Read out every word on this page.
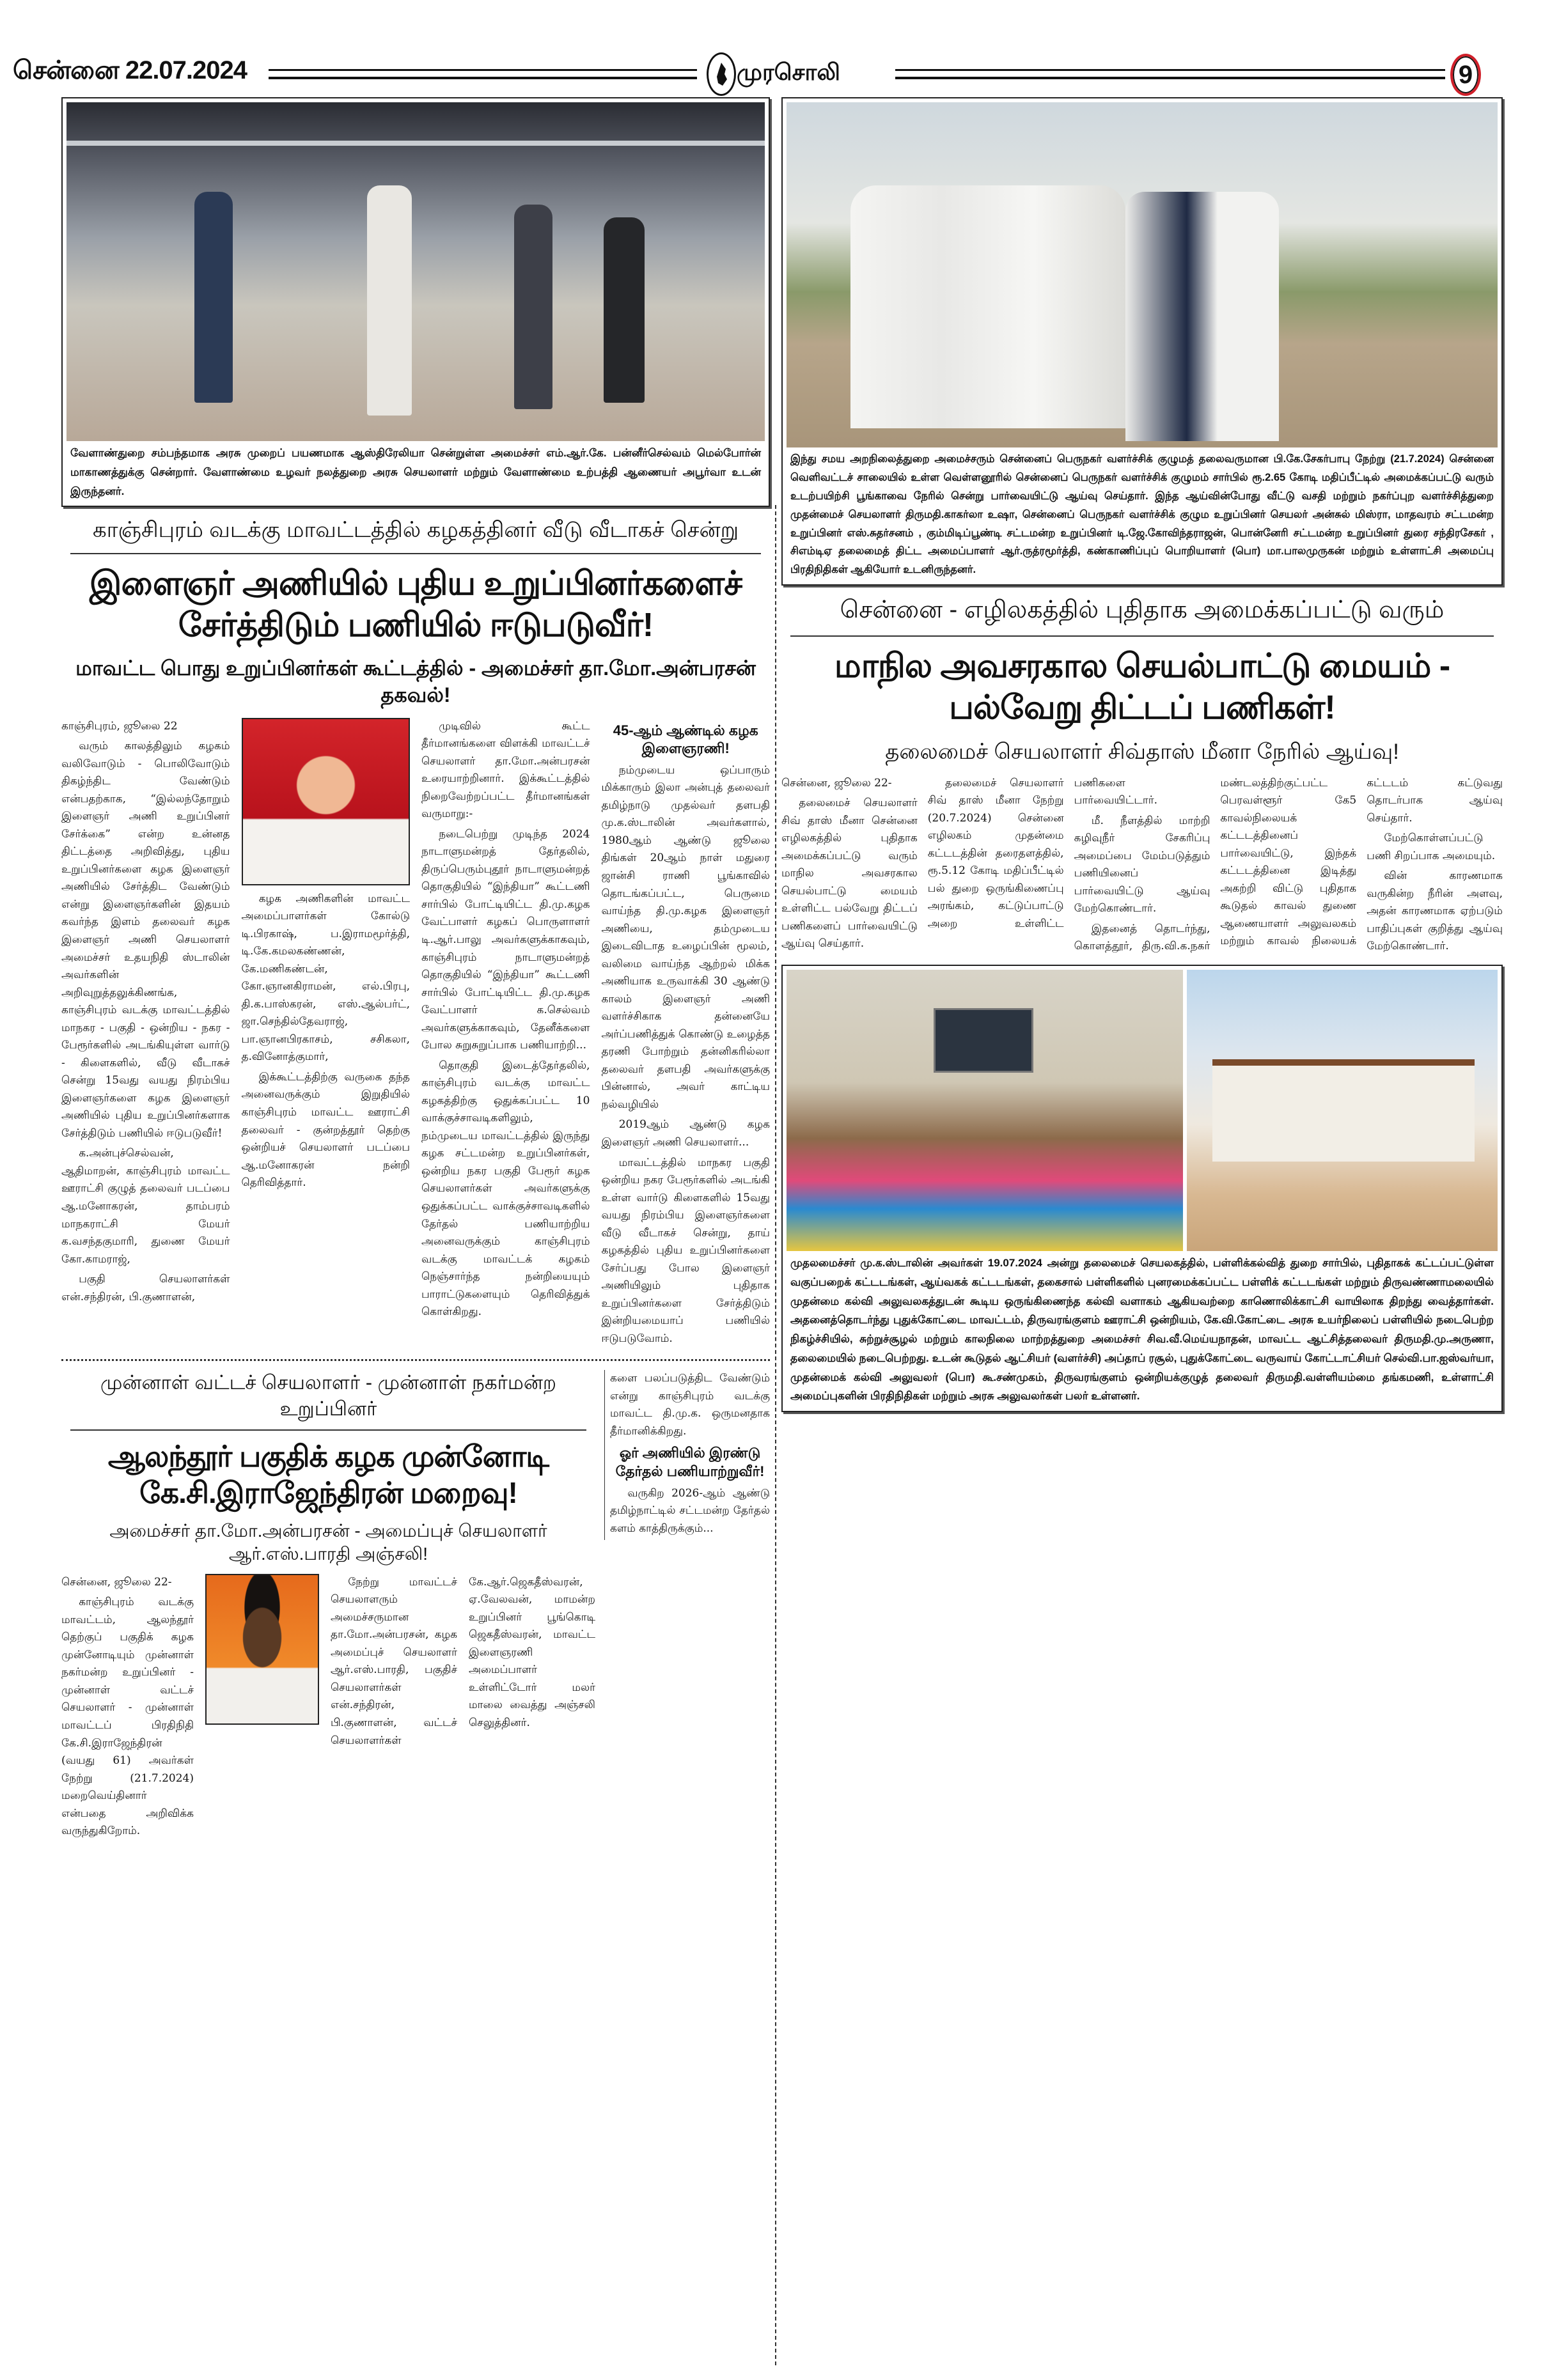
சென்னை 22.07.2024	முரசொலி	9
வேளாண்துறை சம்பந்தமாக அரசு முறைப் பயணமாக ஆஸ்திரேலியா சென்றுள்ள அமைச்சர் எம்.ஆர்.கே. பன்னீர்செல்வம் மெல்போர்ன் மாகாணத்துக்கு சென்றார். வேளாண்மை உழவர் நலத்துறை அரசு செயலாளர் மற்றும் வேளாண்மை உற்பத்தி ஆணையர் அபூர்வா உடன் இருந்தனர்.
காஞ்சிபுரம் வடக்கு மாவட்டத்தில் கழகத்தினர் வீடு வீடாகச் சென்று
இளைஞர் அணியில் புதிய உறுப்பினர்களைச் சேர்த்திடும் பணியில் ஈடுபடுவீர்!
மாவட்ட பொது உறுப்பினர்கள் கூட்டத்தில் - அமைச்சர் தா.மோ.அன்பரசன் தகவல்!

காஞ்சிபுரம், ஜூலை 22

வரும் காலத்திலும் கழகம் வலிவோடும் - பொலிவோடும் திகழ்ந்திட வேண்டும் என்பதற்காக, “இல்லந்தோறும் இளைஞர் அணி உறுப்பினர் சேர்க்கை” என்ற உன்னத திட்டத்தை அறிவித்து, புதிய உறுப்பினர்களை கழக இளைஞர் அணியில் சேர்த்திட வேண்டும் என்று இளைஞர்களின் இதயம் கவர்ந்த இளம் தலைவர் கழக இளைஞர் அணி செயலாளர் அமைச்சர் உதயநிதி ஸ்டாலின் அவர்களின் அறிவுறுத்தலுக்கிணங்க, காஞ்சிபுரம் வடக்கு மாவட்டத்தில் மாநகர - பகுதி - ஒன்றிய - நகர - பேரூர்களில் அடங்கியுள்ள வார்டு - கிளைகளில், வீடு வீடாகச் சென்று 15வது வயது நிரம்பிய இளைஞர்களை கழக இளைஞர் அணியில் புதிய உறுப்பினர்களாக சேர்த்திடும் பணியில் ஈடுபடுவீர்!

க.அன்புச்செல்வன், ஆதிமாறன், காஞ்சிபுரம் மாவட்ட ஊராட்சி குழுத் தலைவர் படப்பை ஆ.மனோகரன், தாம்பரம் மாநகராட்சி மேயர் க.வசந்தகுமாரி, துணை மேயர் கோ.காமராஜ்,

பகுதி செயலாளர்கள் என்.சந்திரன், பி.குணாளன்,

கழக அணிகளின் மாவட்ட அமைப்பாளர்கள் கோல்டு டி.பிரகாஷ், ப.இராமமூர்த்தி, டி.கே.கமலகண்ணன், கே.மணிகண்டன், கோ.ஞானகிராமன், எல்.பிரபு, தி.க.பாஸ்கரன், எஸ்.ஆல்பர்ட், ஜா.செந்தில்தேவராஜ், பா.ஞானபிரகாசம், சசிகலா, த.வினோத்குமார்,

இக்கூட்டத்திற்கு வருகை தந்த அனைவருக்கும் இறுதியில் காஞ்சிபுரம் மாவட்ட ஊராட்சி தலைவர் - குன்றத்தூர் தெற்கு ஒன்றியச் செயலாளர் படப்பை ஆ.மனோகரன் நன்றி தெரிவித்தார்.

முடிவில் கூட்ட தீர்மானங்களை விளக்கி மாவட்டச் செயலாளர் தா.மோ.அன்பரசன் உரையாற்றினார். இக்கூட்டத்தில் நிறைவேற்றப்பட்ட தீர்மானங்கள் வருமாறு:-

நடைபெற்று முடிந்த 2024 நாடாளுமன்றத் தேர்தலில், திருப்பெரும்புதூர் நாடாளுமன்றத் தொகுதியில் “இந்தியா” கூட்டணி சார்பில் போட்டியிட்ட தி.மு.கழக வேட்பாளர் கழகப் பொருளாளர் டி.ஆர்.பாலு அவர்களுக்காகவும், காஞ்சிபுரம் நாடாளுமன்றத் தொகுதியில் “இந்தியா” கூட்டணி சார்பில் போட்டியிட்ட தி.மு.கழக வேட்பாளர் க.செல்வம் அவர்களுக்காகவும், தேனீக்களை போல சுறுசுறுப்பாக பணியாற்றி...

தொகுதி இடைத்தேர்தலில், காஞ்சிபுரம் வடக்கு மாவட்ட கழகத்திற்கு ஒதுக்கப்பட்ட 10 வாக்குச்சாவடிகளிலும், நம்முடைய மாவட்டத்தில் இருந்து கழக சட்டமன்ற உறுப்பினர்கள், ஒன்றிய நகர பகுதி பேரூர் கழக செயலாளர்கள் அவர்களுக்கு ஒதுக்கப்பட்ட வாக்குச்சாவடிகளில் தேர்தல் பணியாற்றிய அனைவருக்கும் காஞ்சிபுரம் வடக்கு மாவட்டக் கழகம் நெஞ்சார்ந்த நன்றியையும் பாராட்டுகளையும் தெரிவித்துக் கொள்கிறது.

45-ஆம் ஆண்டில் கழக இளைஞரணி!

நம்முடைய ஒப்பாரும் மிக்காரும் இலா அன்புத் தலைவர் தமிழ்நாடு முதல்வர் தளபதி மு.க.ஸ்டாலின் அவர்களால், 1980ஆம் ஆண்டு ஜூலை திங்கள் 20ஆம் நாள் மதுரை ஜான்சி ராணி பூங்காவில் தொடங்கப்பட்ட, பெருமை வாய்ந்த தி.மு.கழக இளைஞர் அணியை, தம்முடைய இடைவிடாத உழைப்பின் மூலம், வலிமை வாய்ந்த ஆற்றல் மிக்க அணியாக உருவாக்கி 30 ஆண்டு காலம் இளைஞர் அணி வளர்ச்சிகாக தன்னையே அர்ப்பணித்துக் கொண்டு உழைத்த தரணி போற்றும் தன்னிகரில்லா தலைவர் தளபதி அவர்களுக்கு பின்னால், அவர் காட்டிய நல்வழியில்

2019ஆம் ஆண்டு கழக இளைஞர் அணி செயலாளர்...

மாவட்டத்தில் மாநகர பகுதி ஒன்றிய நகர பேரூர்களில் அடங்கி உள்ள வார்டு கிளைகளில் 15வது வயது நிரம்பிய இளைஞர்களை வீடு வீடாகச் சென்று, தாய் கழகத்தில் புதிய உறுப்பினர்களை சேர்ப்பது போல இளைஞர் அணியிலும் புதிதாக உறுப்பினர்களை சேர்த்திடும் இன்றியமையாப் பணியில் ஈடுபடுவோம்.

முன்னாள் வட்டச் செயலாளர் - முன்னாள் நகர்மன்ற உறுப்பினர்
ஆலந்தூர் பகுதிக் கழக முன்னோடி கே.சி.இராஜேந்திரன் மறைவு!
அமைச்சர் தா.மோ.அன்பரசன் - அமைப்புச் செயலாளர் ஆர்.எஸ்.பாரதி அஞ்சலி!

சென்னை, ஜூலை 22-

காஞ்சிபுரம் வடக்கு மாவட்டம், ஆலந்தூர் தெற்குப் பகுதிக் கழக முன்னோடியும் முன்னாள் நகர்மன்ற உறுப்பினர் - முன்னாள் வட்டச் செயலாளர் - முன்னாள் மாவட்டப் பிரதிநிதி கே.சி.இராஜேந்திரன் (வயது 61) அவர்கள் நேற்று (21.7.2024) மறைவெய்தினார் என்பதை அறிவிக்க வருந்துகிறோம்.

நேற்று மாவட்டச் செயலாளரும் அமைச்சருமான தா.மோ.அன்பரசன், கழக அமைப்புச் செயலாளர் ஆர்.எஸ்.பாரதி, பகுதிச் செயலாளர்கள் என்.சந்திரன், பி.குணாளன், வட்டச் செயலாளர்கள் கே.ஆர்.ஜெகதீஸ்வரன், ஏ.வேலவன், மாமன்ற உறுப்பினர் பூங்கொடி ஜெகதீஸ்வரன், மாவட்ட இளைஞரணி அமைப்பாளர் உள்ளிட்டோர் மலர் மாலை வைத்து அஞ்சலி செலுத்தினர்.

களை பலப்படுத்திட வேண்டும் என்று காஞ்சிபுரம் வடக்கு மாவட்ட தி.மு.க. ஒருமனதாக தீர்மானிக்கிறது.

ஓர் அணியில் இரண்டு தேர்தல் பணியாற்றுவீர்!

வருகிற 2026-ஆம் ஆண்டு தமிழ்நாட்டில் சட்டமன்ற தேர்தல் களம் காத்திருக்கும்...

இந்து சமய அறநிலைத்துறை அமைச்சரும் சென்னைப் பெருநகர் வளர்ச்சிக் குழுமத் தலைவருமான பி.கே.சேகர்பாபு நேற்று (21.7.2024) சென்னை வெளிவட்டச் சாலையில் உள்ள வெள்ளனூரில் சென்னைப் பெருநகர் வளர்ச்சிக் குழுமம் சார்பில் ரூ.2.65 கோடி மதிப்பீட்டில் அமைக்கப்பட்டு வரும் உடற்பயிற்சி பூங்காவை நேரில் சென்று பார்வையிட்டு ஆய்வு செய்தார். இந்த ஆய்வின்போது வீட்டு வசதி மற்றும் நகர்ப்புற வளர்ச்சித்துறை முதன்மைச் செயலாளர் திருமதி.காகர்லா உஷா, சென்னைப் பெருநகர் வளர்ச்சிக் குழும உறுப்பினர் செயலர் அன்சுல் மிஸ்ரா, மாதவரம் சட்டமன்ற உறுப்பினர் எஸ்.சுதர்சனம் , கும்மிடிப்பூண்டி சட்டமன்ற உறுப்பினர் டி.ஜே.கோவிந்தராஜன், பொன்னேரி சட்டமன்ற உறுப்பினர் துரை சந்திரசேகர் , சிஎம்டிஏ தலைமைத் திட்ட அமைப்பாளர் ஆர்.ருத்ரமூர்த்தி, கண்காணிப்புப் பொறியாளர் (பொ) மா.பாலமுருகன் மற்றும் உள்ளாட்சி அமைப்பு பிரதிநிதிகள் ஆகியோர் உடனிருந்தனர்.
சென்னை - எழிலகத்தில் புதிதாக அமைக்கப்பட்டு வரும்
மாநில அவசரகால செயல்பாட்டு மையம் - பல்வேறு திட்டப் பணிகள்!
தலைமைச் செயலாளர் சிவ்தாஸ் மீனா நேரில் ஆய்வு!

சென்னை, ஜூலை 22-

தலைமைச் செயலாளர் சிவ் தாஸ் மீனா சென்னை எழிலகத்தில் புதிதாக அமைக்கப்பட்டு வரும் மாநில அவசரகால செயல்பாட்டு மையம் உள்ளிட்ட பல்வேறு திட்டப் பணிகளைப் பார்வையிட்டு ஆய்வு செய்தார்.

தலைமைச் செயலாளர் சிவ் தாஸ் மீனா நேற்று (20.7.2024) சென்னை எழிலகம் முதன்மை கட்டடத்தின் தரைதளத்தில், ரூ.5.12 கோடி மதிப்பீட்டில் பல் துறை ஒருங்கிணைப்பு அரங்கம், கட்டுப்பாட்டு அறை உள்ளிட்ட பணிகளை பார்வையிட்டார்.

மீ. நீளத்தில் மாற்றி கழிவுநீர் சேகரிப்பு அமைப்பை மேம்படுத்தும் பணியினைப் பார்வையிட்டு ஆய்வு மேற்கொண்டார்.

இதனைத் தொடர்ந்து, கொளத்தூர், திரு.வி.க.நகர் மண்டலத்திற்குட்பட்ட பெரவள்ளூர் கே5 காவல்நிலையக் கட்டடத்தினைப் பார்வையிட்டு, இந்தக் கட்டடத்தினை இடித்து அகற்றி விட்டு புதிதாக கூடுதல் காவல் துணை ஆணையாளர் அலுவலகம் மற்றும் காவல் நிலையக் கட்டடம் கட்டுவது தொடர்பாக ஆய்வு செய்தார்.

மேற்கொள்ளப்பட்டு பணி சிறப்பாக அமையும்.

வின் காரணமாக வருகின்ற நீரின் அளவு, அதன் காரணமாக ஏற்படும் பாதிப்புகள் குறித்து ஆய்வு மேற்கொண்டார்.

முதலமைச்சர் மு.க.ஸ்டாலின் அவர்கள் 19.07.2024 அன்று தலைமைச் செயலகத்தில், பள்ளிக்கல்வித் துறை சார்பில், புதிதாகக் கட்டப்பட்டுள்ள வகுப்பறைக் கட்டடங்கள், ஆய்வகக் கட்டடங்கள், தகைசால் பள்ளிகளில் புனரமைக்கப்பட்ட பள்ளிக் கட்டடங்கள் மற்றும் திருவண்ணாமலையில் முதன்மை கல்வி அலுவலகத்துடன் கூடிய ஒருங்கிணைந்த கல்வி வளாகம் ஆகியவற்றை காணொலிக்காட்சி வாயிலாக திறந்து வைத்தார்கள். அதனைத்தொடர்ந்து புதுக்கோட்டை மாவட்டம், திருவரங்குளம் ஊராட்சி ஒன்றியம், கே.வி.கோட்டை அரசு உயர்நிலைப் பள்ளியில் நடைபெற்ற நிகழ்ச்சியில், சுற்றுச்சூழல் மற்றும் காலநிலை மாற்றத்துறை அமைச்சர் சிவ.வீ.மெய்யநாதன், மாவட்ட ஆட்சித்தலைவர் திருமதி.மு.அருணா, தலைமையில் நடைபெற்றது. உடன் கூடுதல் ஆட்சியர் (வளர்ச்சி) அப்தாப் ரசூல், புதுக்கோட்டை வருவாய் கோட்டாட்சியர் செல்வி.பா.ஐஸ்வர்யா, முதன்மைக் கல்வி அலுவலர் (பொ) கூ.சண்முகம், திருவரங்குளம் ஒன்றியக்குழுத் தலைவர் திருமதி.வள்ளியம்மை தங்கமணி, உள்ளாட்சி அமைப்புகளின் பிரதிநிதிகள் மற்றும் அரசு அலுவலர்கள் பலர் உள்ளனர்.
